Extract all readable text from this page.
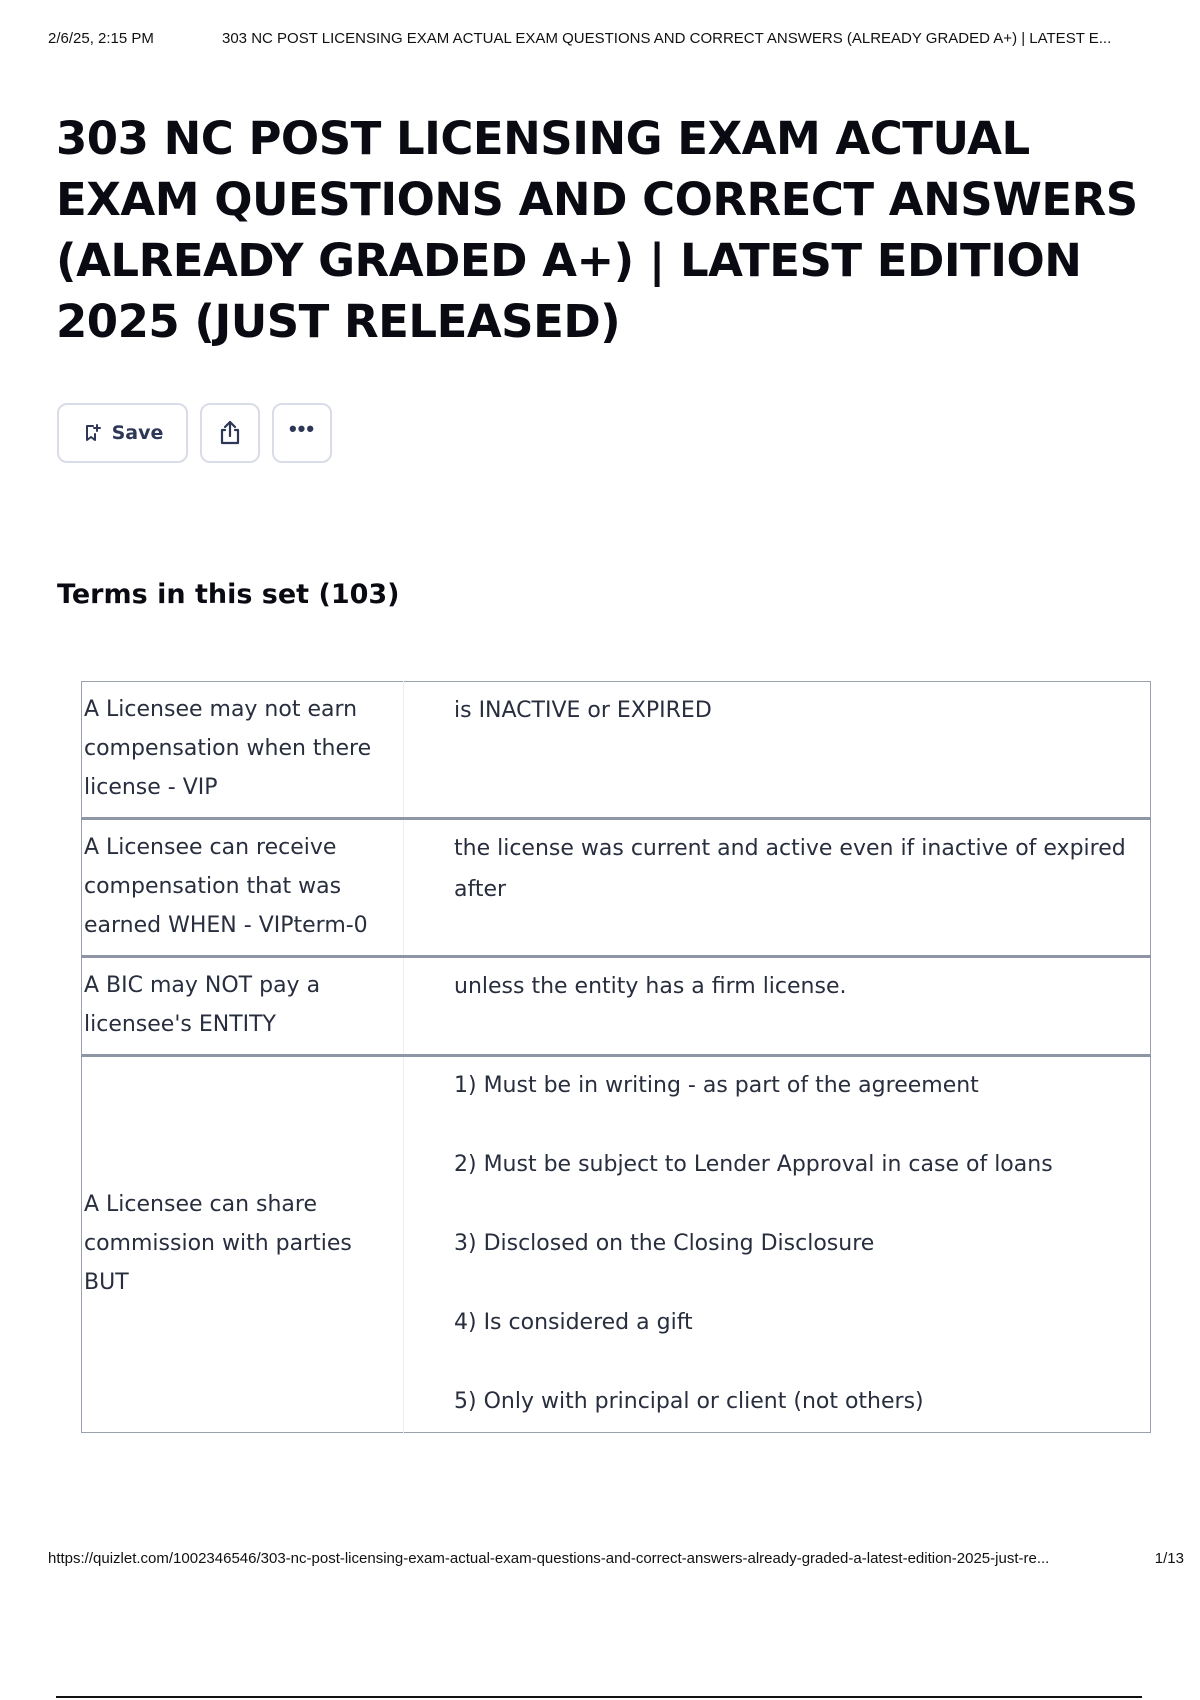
2/6/25, 2:15 PM	303 NC POST LICENSING EXAM ACTUAL EXAM QUESTIONS AND CORRECT ANSWERS (ALREADY GRADED A+) | LATEST E...
303 NC POST LICENSING EXAM ACTUAL EXAM QUESTIONS AND CORRECT ANSWERS (ALREADY GRADED A+) | LATEST EDITION 2025 (JUST RELEASED)
Save	•••
Terms in this set (103)
A Licensee may not earn compensation when there license - VIP	is INACTIVE or EXPIRED
A Licensee can receive compensation that was earned WHEN - VIPterm-0	the license was current and active even if inactive of expired after
A BIC may NOT pay a licensee's ENTITY	unless the entity has a firm license.
A Licensee can share commission with parties BUT	1) Must be in writing - as part of the agreement
2) Must be subject to Lender Approval in case of loans
3) Disclosed on the Closing Disclosure
4) Is considered a gift
5) Only with principal or client (not others)
https://quizlet.com/1002346546/303-nc-post-licensing-exam-actual-exam-questions-and-correct-answers-already-graded-a-latest-edition-2025-just-re...	1/13
